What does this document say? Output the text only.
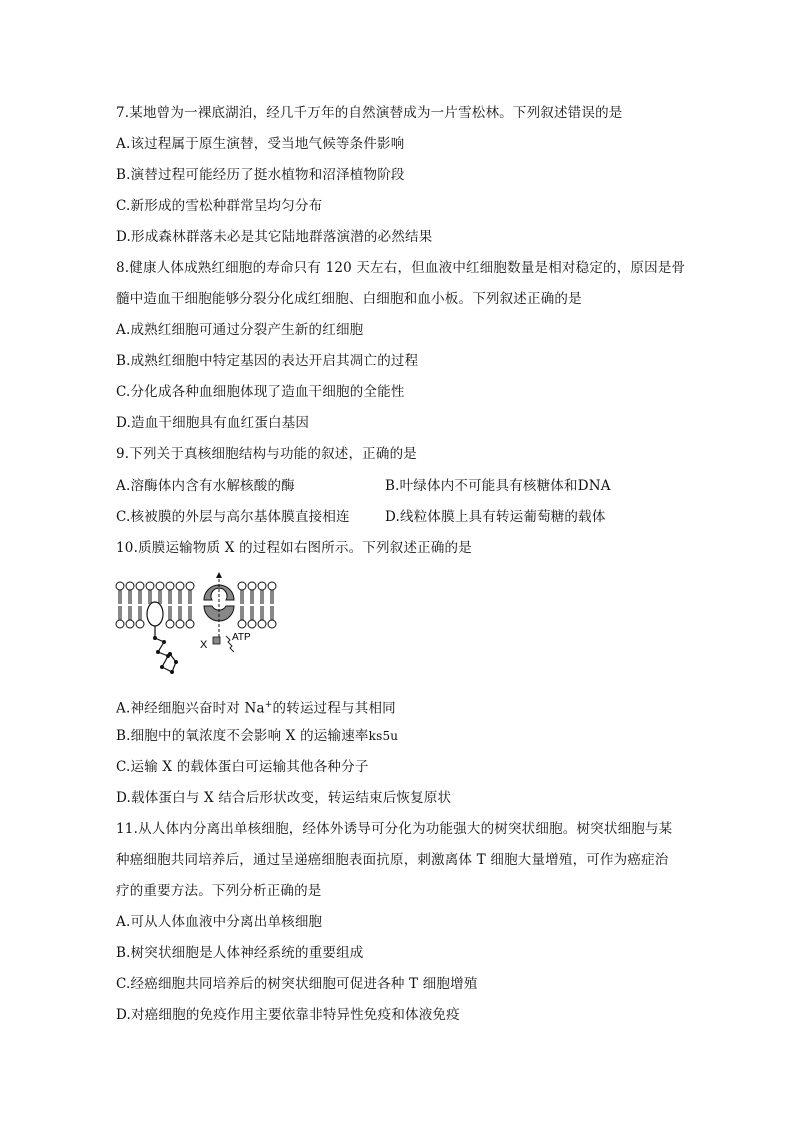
7.某地曾为一裸底湖泊，经几千万年的自然演替成为一片雪松林。下列叙述错误的是
A.该过程属于原生演替，受当地气候等条件影响
B.演替过程可能经历了挺水植物和沼泽植物阶段
C.新形成的雪松种群常呈均匀分布
D.形成森林群落未必是其它陆地群落演潜的必然结果
8.健康人体成熟红细胞的寿命只有 120 天左右，但血液中红细胞数量是相对稳定的，原因是骨
髓中造血干细胞能够分裂分化成红细胞、白细胞和血小板。下列叙述正确的是
A.成熟红细胞可通过分裂产生新的红细胞
B.成熟红细胞中特定基因的表达开启其凋亡的过程
C.分化成各种血细胞体现了造血干细胞的全能性
D.造血干细胞具有血红蛋白基因
9.下列关于真核细胞结构与功能的叙述，正确的是
A.溶酶体内含有水解核酸的酶	B.叶绿体内不可能具有核糖体和DNA
C.核被膜的外层与高尔基体膜直接相连	D.线粒体膜上具有转运葡萄糖的载体
10.质膜运输物质 X 的过程如右图所示。下列叙述正确的是
X
ATP
A.神经细胞兴奋时对 Na+的转运过程与其相同
B.细胞中的氧浓度不会影响 X 的运输速率ks5u
C.运输 X 的载体蛋白可运输其他各种分子
D.载体蛋白与 X 结合后形状改变，转运结束后恢复原状
11.从人体内分离出单核细胞，经体外诱导可分化为功能强大的树突状细胞。树突状细胞与某
种癌细胞共同培养后，通过呈递癌细胞表面抗原，刺激离体 T 细胞大量增殖，可作为癌症治
疗的重要方法。下列分析正确的是
A.可从人体血液中分离出单核细胞
B.树突状细胞是人体神经系统的重要组成
C.经癌细胞共同培养后的树突状细胞可促进各种 T 细胞增殖
D.对癌细胞的免疫作用主要依靠非特异性免疫和体液免疫
